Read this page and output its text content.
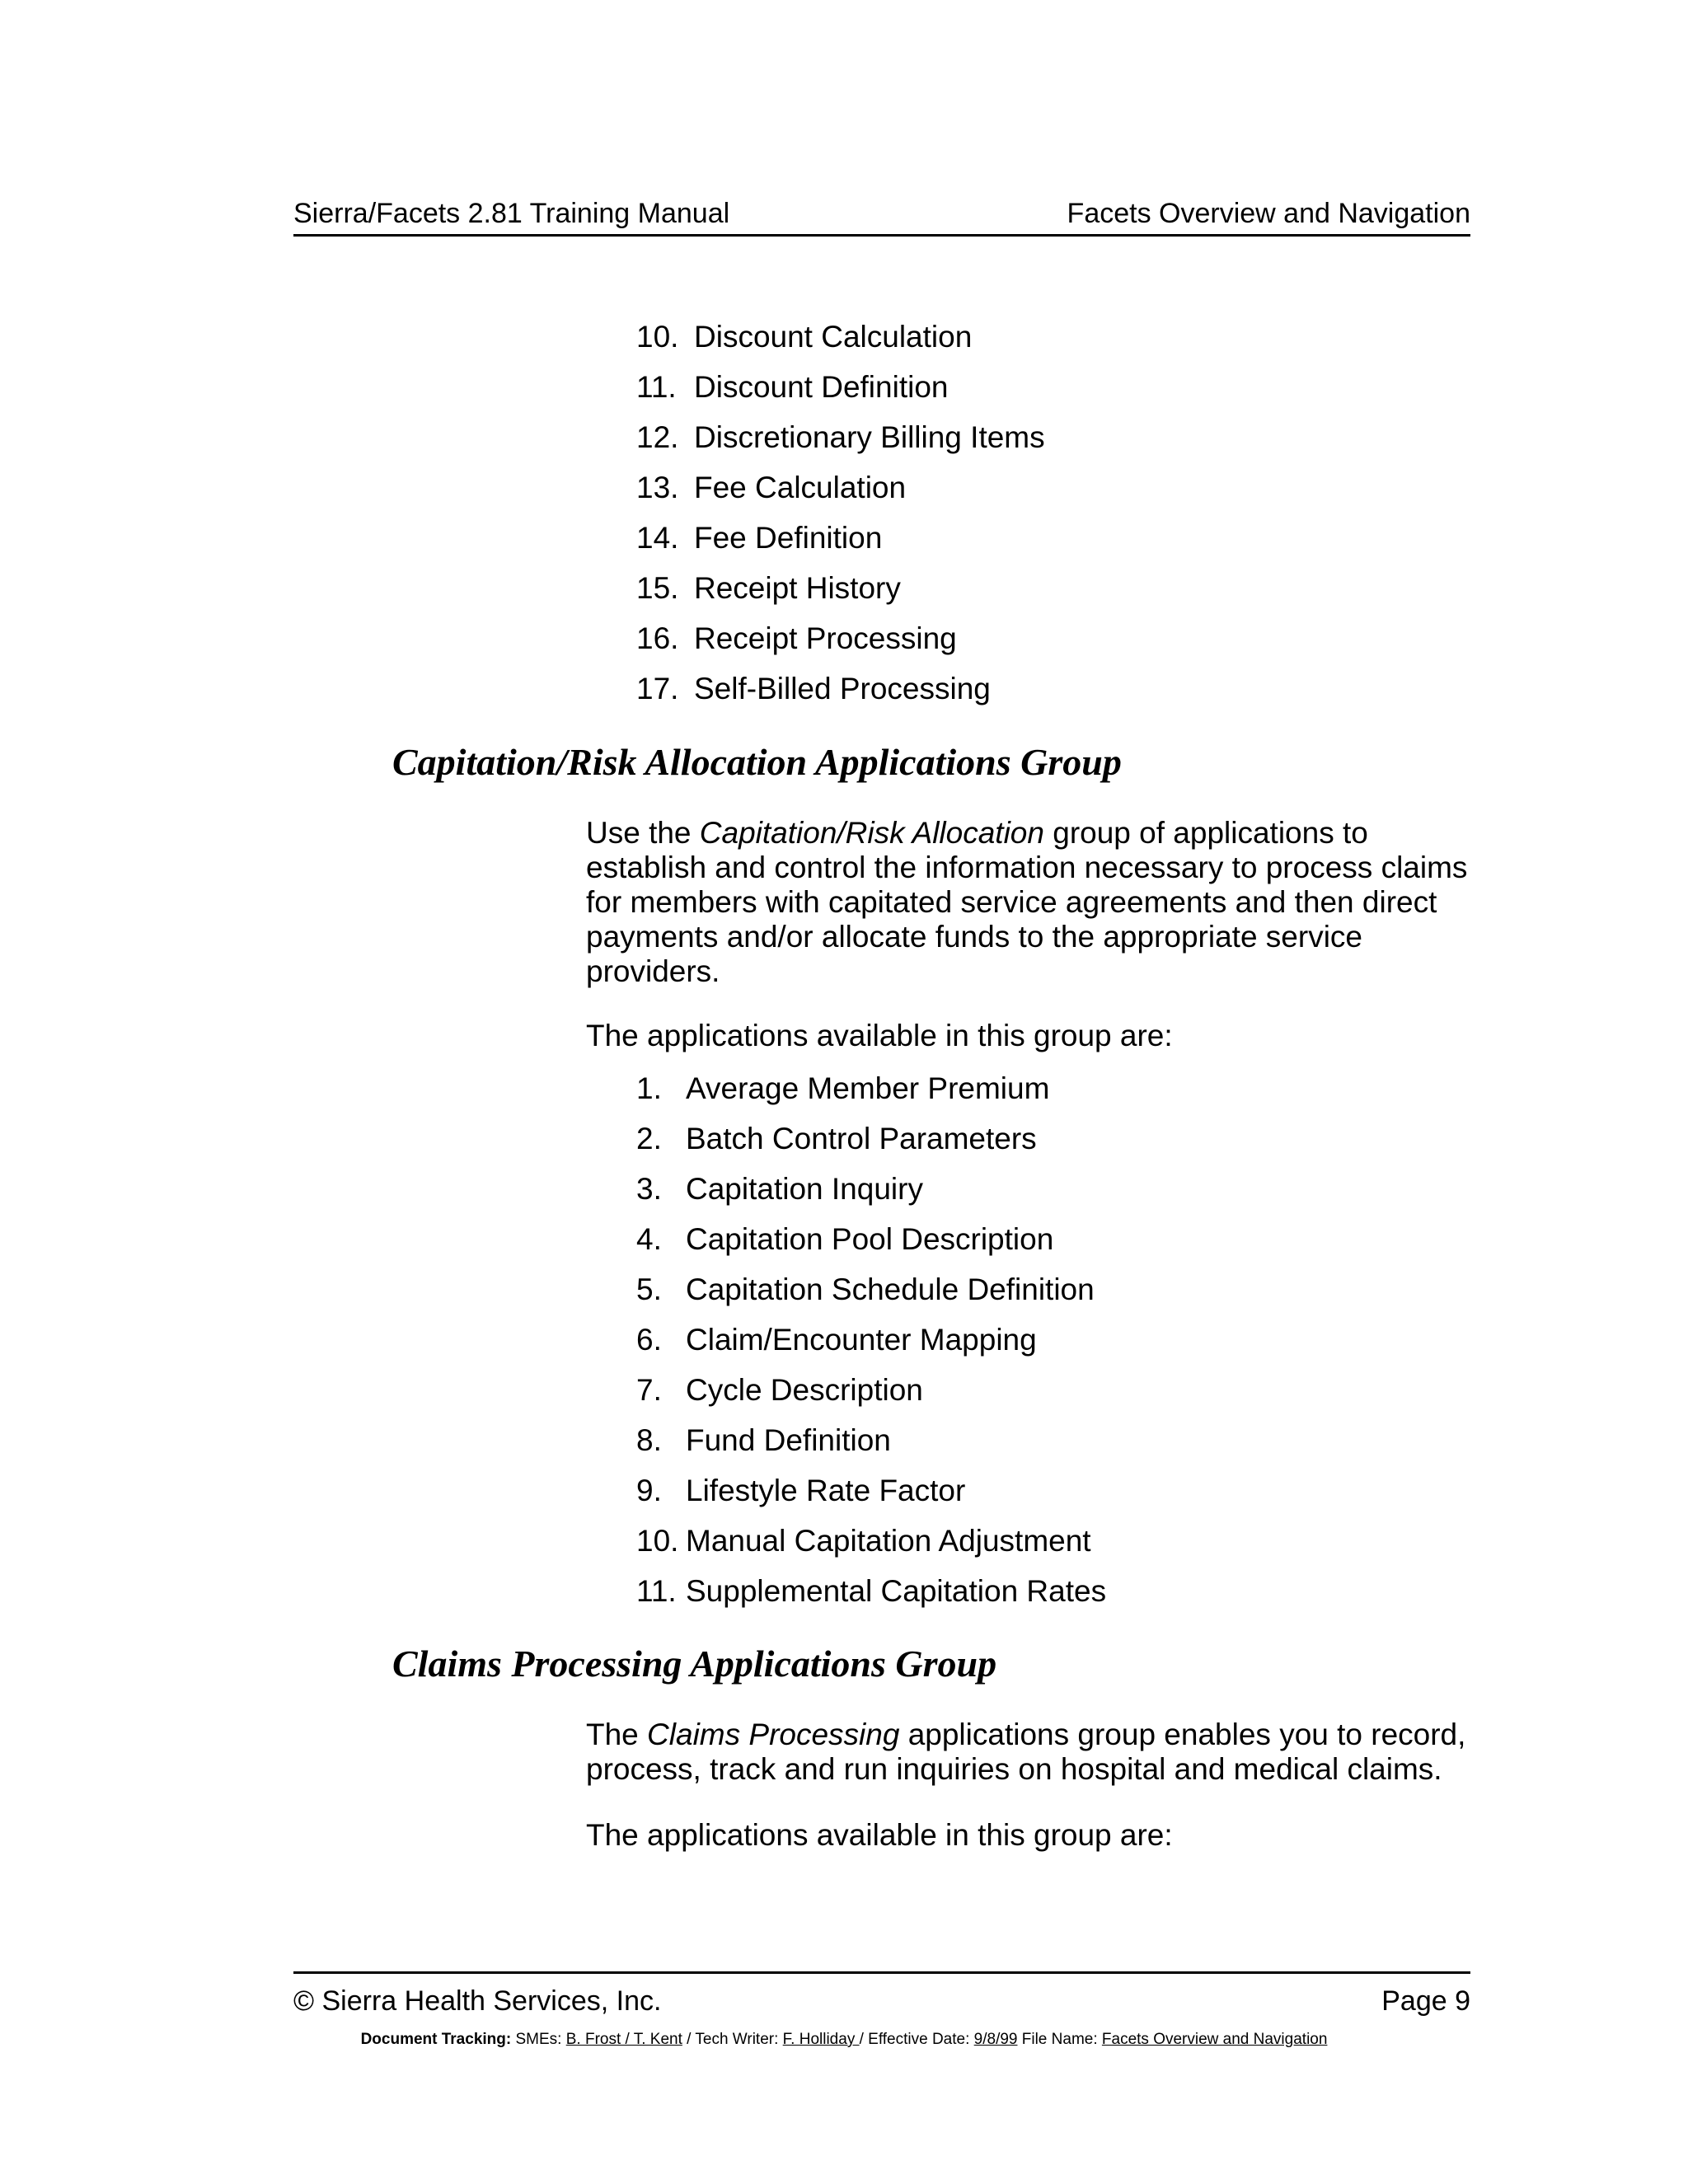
Sierra/Facets 2.81 Training Manual	Facets Overview and Navigation
10. Discount Calculation
11. Discount Definition
12. Discretionary Billing Items
13. Fee Calculation
14. Fee Definition
15. Receipt History
16. Receipt Processing
17. Self-Billed Processing
Capitation/Risk Allocation Applications Group

Use the Capitation/Risk Allocation group of applications to establish and control the information necessary to process claims for members with capitated service agreements and then direct payments and/or allocate funds to the appropriate service providers.

The applications available in this group are:

1. Average Member Premium
2. Batch Control Parameters
3. Capitation Inquiry
4. Capitation Pool Description
5. Capitation Schedule Definition
6. Claim/Encounter Mapping
7. Cycle Description
8. Fund Definition
9. Lifestyle Rate Factor
10. Manual Capitation Adjustment
11. Supplemental Capitation Rates
Claims Processing Applications Group

The Claims Processing applications group enables you to record, process, track and run inquiries on hospital and medical claims.

The applications available in this group are:

© Sierra Health Services, Inc.	Page 9
Document Tracking: SMEs: B. Frost / T. Kent / Tech Writer: F. Holliday / Effective Date: 9/8/99 File Name: Facets Overview and Navigation
